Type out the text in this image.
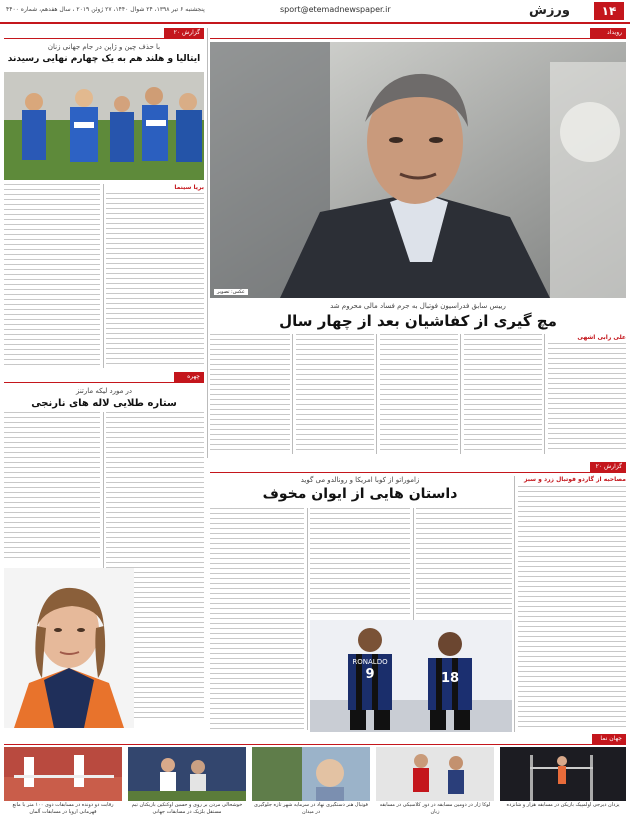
۱۴
ورزش
sport@etemadnewspaper.ir
پنجشنبه ۶ تیر ۱۳۹۸، ۲۴ شوال ۱۴۴۰، ۲۷ ژوئن ۲۰۱۹ ، سال هفدهم، شماره ۴۴۰۰
گزارش ۲۰
با حذف چین و ژاپن در جام جهانی زنان
ایتالیا و هلند هم به یک چهارم نهایی رسیدند
بریا سینما
رویداد
عکس: تصویر
رییس سابق فدراسیون فوتبال به جرم فساد مالی محروم شد
مچ گیری از کفاشیان بعد از چهار سال
علی رابی اشهی
چهره
در مورد لیکه مارتنز
ستاره طلایی لاله های نارنجی
گزارش ۲۰
زاموراتو از کوبا امریکا و رونالدو می گوید
داستان هایی از ایوان مخوف
مصاحبه از گاردو فوتبال زرد و سبز
9
RONALDO
18
جهان نما
رقابت دو دونده در مسابقات دوی ۱۰۰ متر با مانع قهرمانی اروپا در مسابقات آلمان
خوشحالی مردن بر روی و حسین اوکتکین بازیکنان تیم مستقل بلژیک در مسابقات جهانی
فوتبال هنر دستگیری نهاد در سرمایه شهر تازه جلوگیری در میدان
لوکا ژار در دومین مسابقه در دور کلاسیکی در مسابقه زبان
یزدان دیرجی اولمپیک بازیکن در مسابقه هزار و شانزده
